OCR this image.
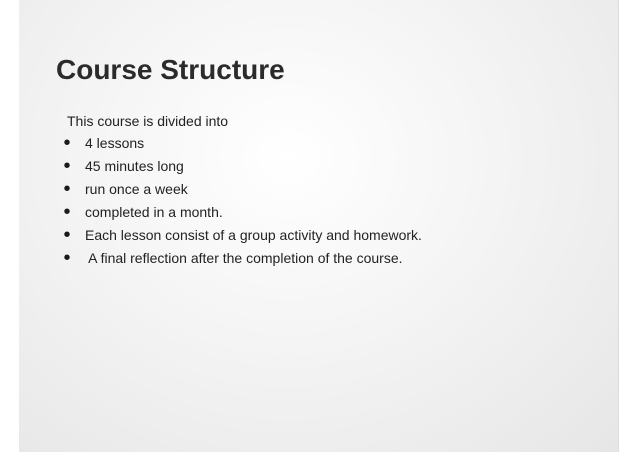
Course Structure
This course is divided into
•	4 lessons
•	45 minutes long
•	run once a week
•	completed in a month.
•	Each lesson consist of a group activity and homework.
•	A final reflection after the completion of the course.
